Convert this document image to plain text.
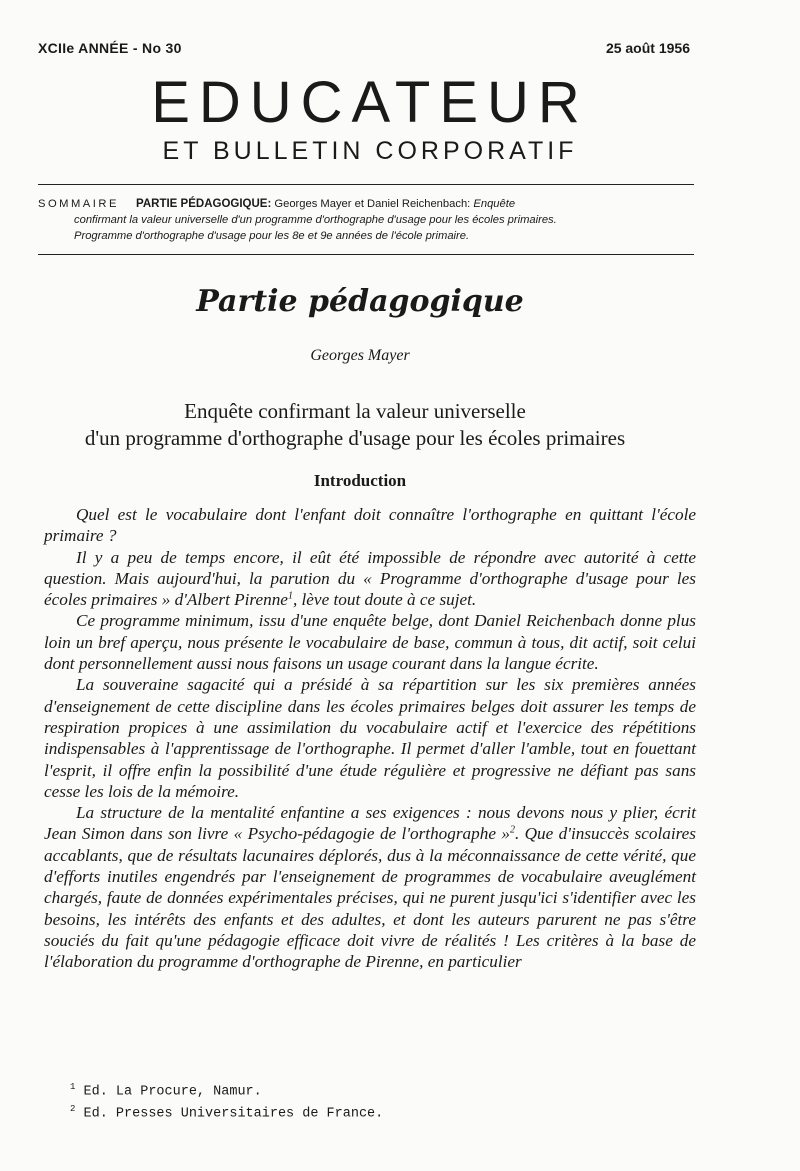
XCIIe ANNÉE - No 30	25 août 1956
EDUCATEUR
ET BULLETIN CORPORATIF
SOMMAIRE PARTIE PÉDAGOGIQUE: Georges Mayer et Daniel Reichenbach: Enquête
confirmant la valeur universelle d'un programme d'orthographe d'usage pour les écoles primaires.
Programme d'orthographe d'usage pour les 8e et 9e années de l'école primaire.
Partie pédagogique
Georges Mayer
Enquête confirmant la valeur universelle
d'un programme d'orthographe d'usage pour les écoles primaires
Introduction

Quel est le vocabulaire dont l'enfant doit connaître l'orthographe en quittant l'école primaire ?

Il y a peu de temps encore, il eût été impossible de répondre avec autorité à cette question. Mais aujourd'hui, la parution du « Programme d'orthographe d'usage pour les écoles primaires » d'Albert Pirenne$^1$, lève tout doute à ce sujet.

Ce programme minimum, issu d'une enquête belge, dont Daniel Reichenbach donne plus loin un bref aperçu, nous présente le vocabulaire de base, commun à tous, dit actif, soit celui dont personnellement aussi nous faisons un usage courant dans la langue écrite.

La souveraine sagacité qui a présidé à sa répartition sur les six premières années d'enseignement de cette discipline dans les écoles primaires belges doit assurer les temps de respiration propices à une assimilation du vocabulaire actif et l'exercice des répétitions indispensables à l'apprentissage de l'orthographe. Il permet d'aller l'amble, tout en fouettant l'esprit, il offre enfin la possibilité d'une étude régulière et progressive ne défiant pas sans cesse les lois de la mémoire.

La structure de la mentalité enfantine a ses exigences : nous devons nous y plier, écrit Jean Simon dans son livre « Psycho-pédagogie de l'orthographe »$^2$. Que d'insuccès scolaires accablants, que de résultats lacunaires déplorés, dus à la méconnaissance de cette vérité, que d'efforts inutiles engendrés par l'enseignement de programmes de vocabulaire aveuglément chargés, faute de données expérimentales précises, qui ne purent jusqu'ici s'identifier avec les besoins, les intérêts des enfants et des adultes, et dont les auteurs parurent ne pas s'être souciés du fait qu'une pédagogie efficace doit vivre de réalités ! Les critères à la base de l'élaboration du programme d'orthographe de Pirenne, en particulier

$^1$ Ed. La Procure, Namur.
$^2$ Ed. Presses Universitaires de France.
